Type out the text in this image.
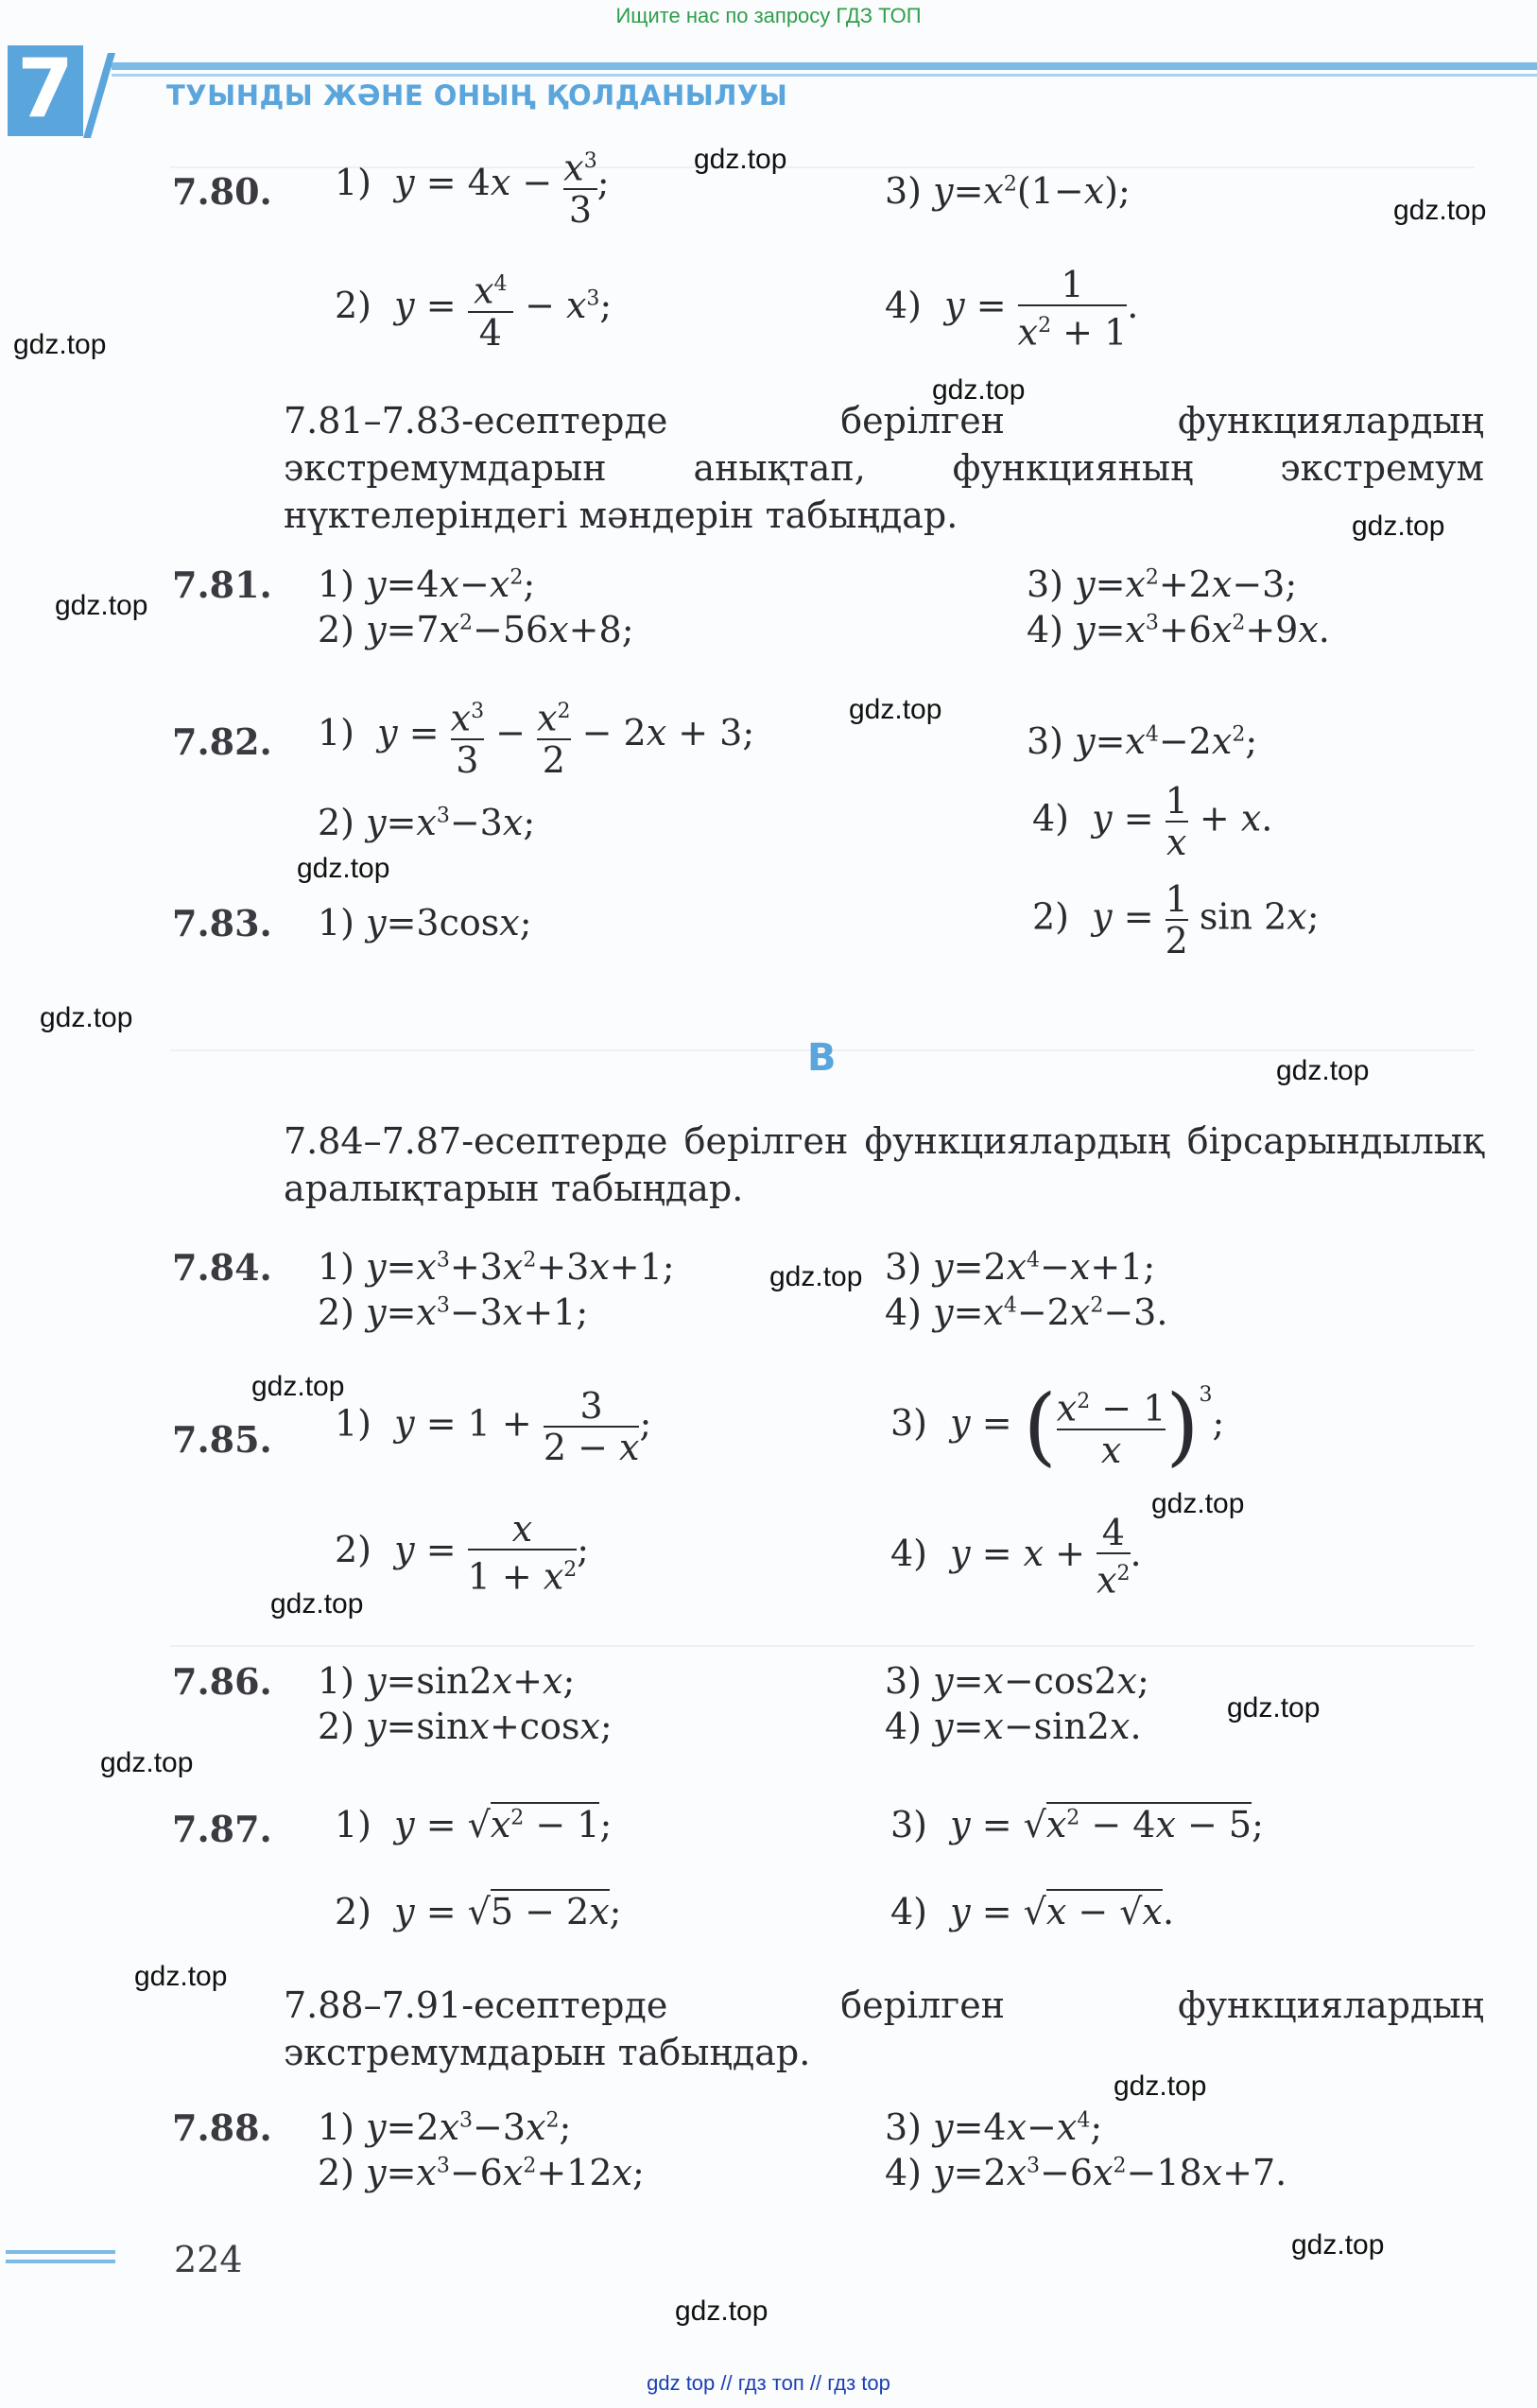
Ищите нас по запросу ГДЗ ТОП
7	ТУЫНДЫ ЖӘНЕ ОНЫҢ ҚОЛДАНЫЛУЫ
7.80. 1)  $y = 4x - \frac{x^3}{3}$ ;
2)  $y = \frac{x^4}{4} - x^3$;
3) $y=x^2(1-x)$;
4)  $y = \frac{1}{x^2 + 1}$ .
7.81–7.83-есептерде берілген функциялардың экстремумдарын анықтап, функцияның экстремум нүктелеріндегі мәндерін табыңдар.
7.81. 1) $y=4x-x^2$;
2) $y=7x^2-56x+8$;
3) $y=x^2+2x-3$;
4) $y=x^3+6x^2+9x$.
7.82. 1)  $y = \frac{x^3}{3} - \frac{x^2}{2} - 2x + 3$;
2) $y=x^3-3x$;
3) $y=x^4-2x^2$;
4)  $y = \frac{1}{x} + x$.
7.83. 1) y=3cosx;	2)  $y = \frac{1}{2}$ sin 2x;
B
7.84–7.87-есептерде берілген функциялардың бірсарындылық аралықтарын табыңдар.
7.84. 1) $y=x^3+3x^2+3x+1$;
2) $y=x^3-3x+1$;
3) $y=2x^4-x+1$;
4) $y=x^4-2x^2-3$.
7.85. 1)  $y = 1 + \frac{3}{2 - x}$ ;
2)  $y = \frac{x}{1 + x^2}$ ;
3)  y = ( $\frac{x^2 - 1}{x} )^3$;
4)  $y = x + \frac{4}{x^2}$ .
7.86. 1) y=sin2x+x;
2) y=sinx+cosx;
3) y=x−cos2x;
4) y=x−sin2x.
7.87. 1)  $y = √x^2 - 1$;
2)  y = √5 − 2x;
3)  $y = √x^2 - 4x - 5$;
4)  y = √x − √x.
7.88–7.91-есептерде берілген функциялардың экстремумдарын табыңдар.
7.88. 1) $y=2x^3-3x^2$;
2) $y=x^3-6x^2+12x$;
3) $y=4x-x^4$;
4) $y=2x^3-6x^2-18x+7$.
224
gdz top // гдз топ // гдз top
gdz.top
gdz.top
gdz.top
gdz.top
gdz.top
gdz.top
gdz.top
gdz.top
gdz.top
gdz.top
gdz.top
gdz.top
gdz.top
gdz.top
gdz.top
gdz.top
gdz.top
gdz.top
gdz.top
gdz.top
